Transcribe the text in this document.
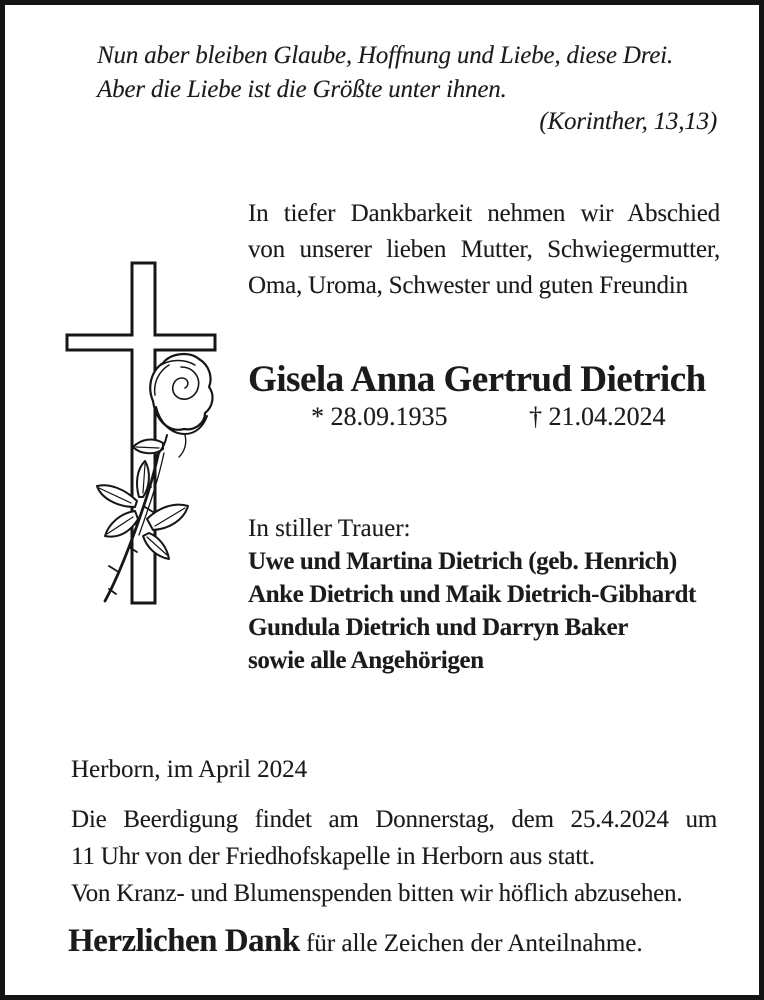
Nun aber bleiben Glaube, Hoffnung und Liebe, diese Drei.
Aber die Liebe ist die Größte unter ihnen.
(Korinther, 13,13)
In tiefer Dankbarkeit nehmen wir Abschied
von unserer lieben Mutter, Schwiegermutter,
Oma, Uroma, Schwester und guten Freundin
Gisela Anna Gertrud Dietrich
* 28.09.1935	† 21.04.2024
In stiller Trauer:
Uwe und Martina Dietrich (geb. Henrich)
Anke Dietrich und Maik Dietrich-Gibhardt
Gundula Dietrich und Darryn Baker
sowie alle Angehörigen
Herborn, im April 2024
Die Beerdigung findet am Donnerstag, dem 25.4.2024 um
11 Uhr von der Friedhofskapelle in Herborn aus statt.
Von Kranz- und Blumenspenden bitten wir höflich abzusehen.
Herzlichen Dank für alle Zeichen der Anteilnahme.
